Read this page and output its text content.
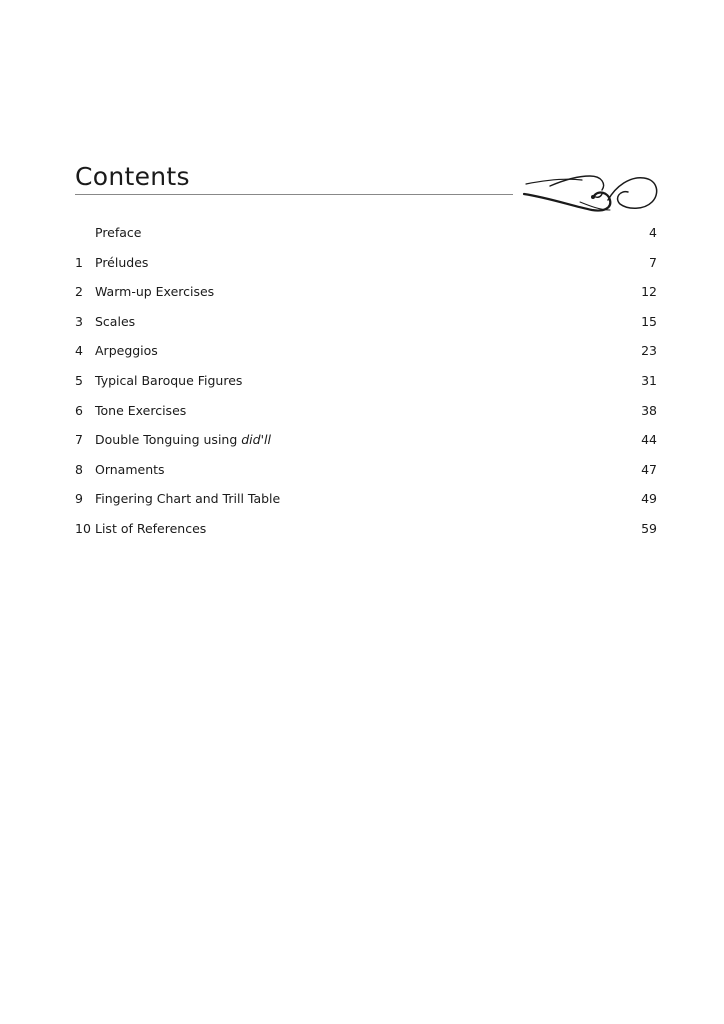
Contents
Preface	4
1 Préludes	7
2 Warm-up Exercises	12
3 Scales	15
4 Arpeggios	23
5 Typical Baroque Figures	31
6 Tone Exercises	38
7 Double Tonguing using did'll	44
8 Ornaments	47
9 Fingering Chart and Trill Table	49
10 List of References	59
